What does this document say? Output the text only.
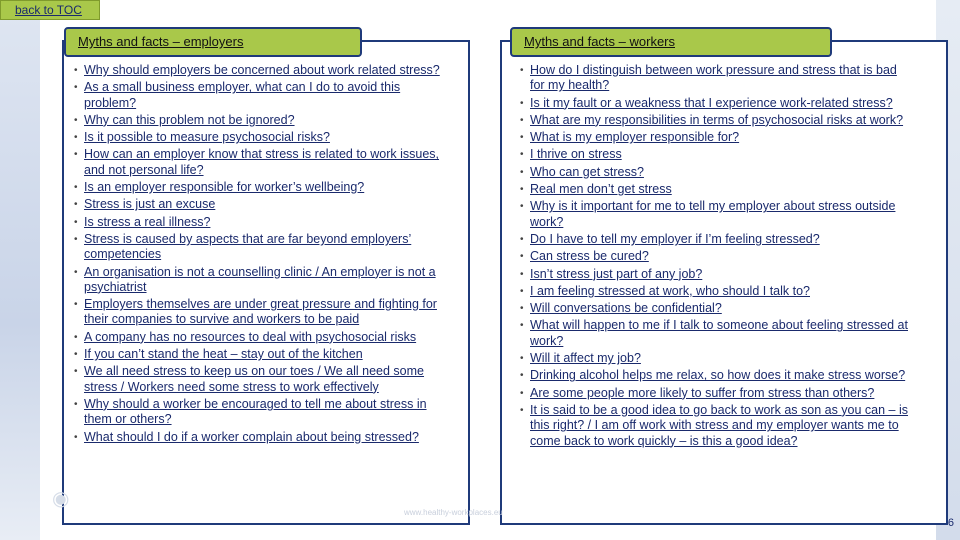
back to TOC
Myths and facts – employers	Myths and facts – workers
• Why should employers be concerned about work related stress?
• As a small business employer, what can I do to avoid this problem?
• Why can this problem not be ignored?
• Is it possible to measure psychosocial risks?
• How can an employer know that stress is related to work issues, and not personal life?
• Is an employer responsible for worker’s wellbeing?
• Stress is just an excuse
• Is stress a real illness?
• Stress is caused by aspects that are far beyond employers’ competencies
• An organisation is not a counselling clinic / An employer is not a psychiatrist
• Employers themselves are under great pressure and fighting for their companies to survive and workers to be paid
• A company has no resources to deal with psychosocial risks
• If you can’t stand the heat – stay out of the kitchen
• We all need stress to keep us on our toes / We all need some stress / Workers need some stress to work effectively
• Why should a worker be encouraged to tell me about stress in them or others?
• What should I do if a worker complain about being stressed?
• How do I distinguish between work pressure and stress that is bad for my health?
• Is it my fault or a weakness that I experience work-related stress?
• What are my responsibilities in terms of psychosocial risks at work?
• What is my employer responsible for?
• I thrive on stress
• Who can get stress?
• Real men don’t get stress
• Why is it important for me to tell my employer about stress outside work?
• Do I have to tell my employer if I’m feeling stressed?
• Can stress be cured?
• Isn’t stress just part of any job?
• I am feeling stressed at work, who should I talk to?
• Will conversations be confidential?
• What will happen to me if I talk to someone about feeling stressed at work?
• Will it affect my job?
• Drinking alcohol helps me relax, so how does it make stress worse?
• Are some people more likely to suffer from stress than others?
• It is said to be a good idea to go back to work as son as you can – is this right? / I am off work with stress and my employer wants me to come back to work quickly – is this a good idea?
◉
www.healthy-workplaces.eu
6
